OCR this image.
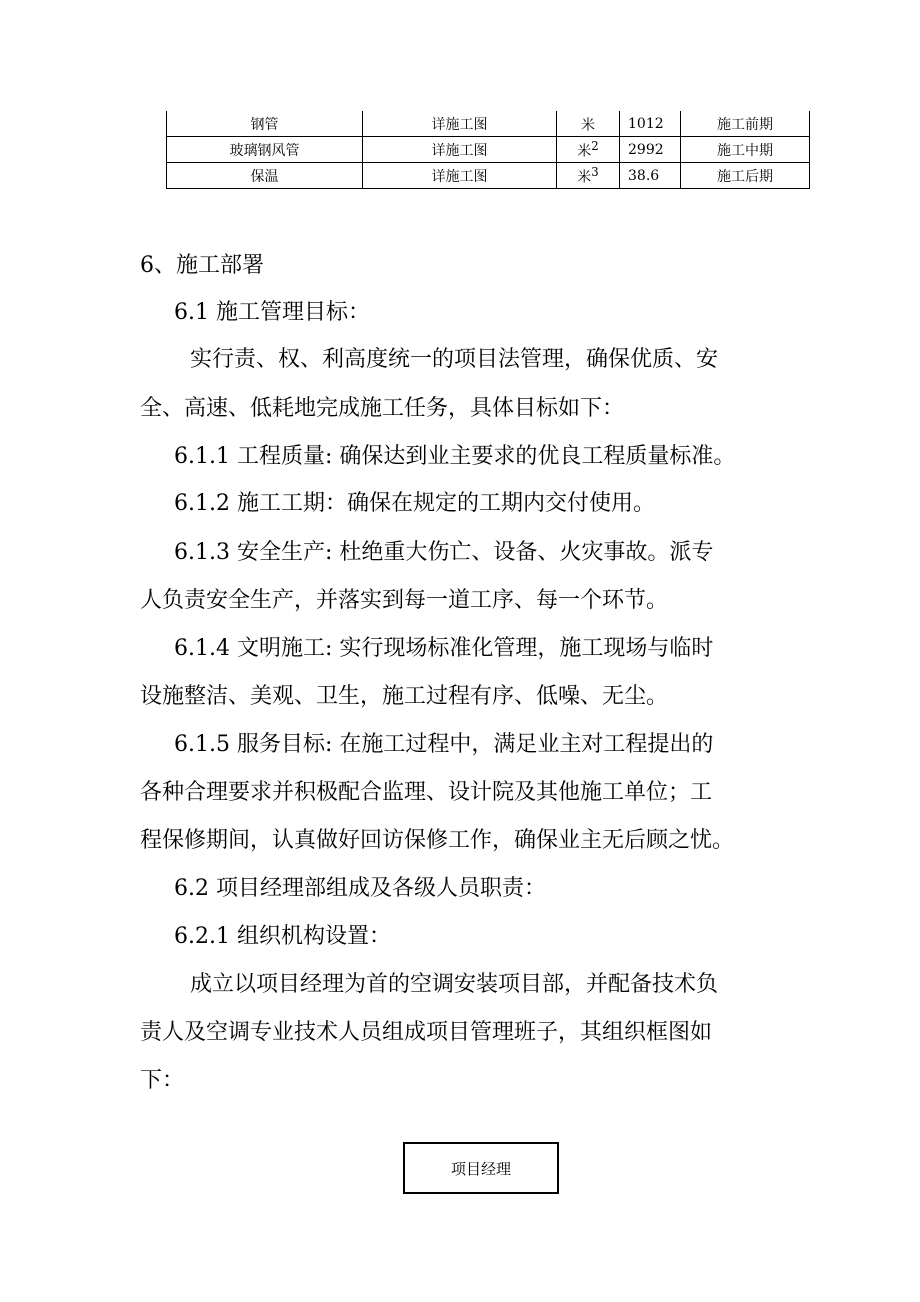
钢管	详施工图	米	1012	施工前期
玻璃钢风管	详施工图	米$^2$	2992	施工中期
保温	详施工图	米$^3$	38.6	施工后期
6、施工部署
6.1 施工管理目标：
实行责、权、利高度统一的项目法管理，确保优质、安
全、高速、低耗地完成施工任务，具体目标如下：
6.1.1 工程质量: 确保达到业主要求的优良工程质量标准。
6.1.2 施工工期：确保在规定的工期内交付使用。
6.1.3 安全生产: 杜绝重大伤亡、设备、火灾事故。派专
人负责安全生产，并落实到每一道工序、每一个环节。
6.1.4 文明施工: 实行现场标准化管理，施工现场与临时
设施整洁、美观、卫生，施工过程有序、低噪、无尘。
6.1.5 服务目标: 在施工过程中，满足业主对工程提出的
各种合理要求并积极配合监理、设计院及其他施工单位；工
程保修期间，认真做好回访保修工作，确保业主无后顾之忧。
6.2 项目经理部组成及各级人员职责：
6.2.1 组织机构设置：
成立以项目经理为首的空调安装项目部，并配备技术负
责人及空调专业技术人员组成项目管理班子，其组织框图如
下：
项目经理
